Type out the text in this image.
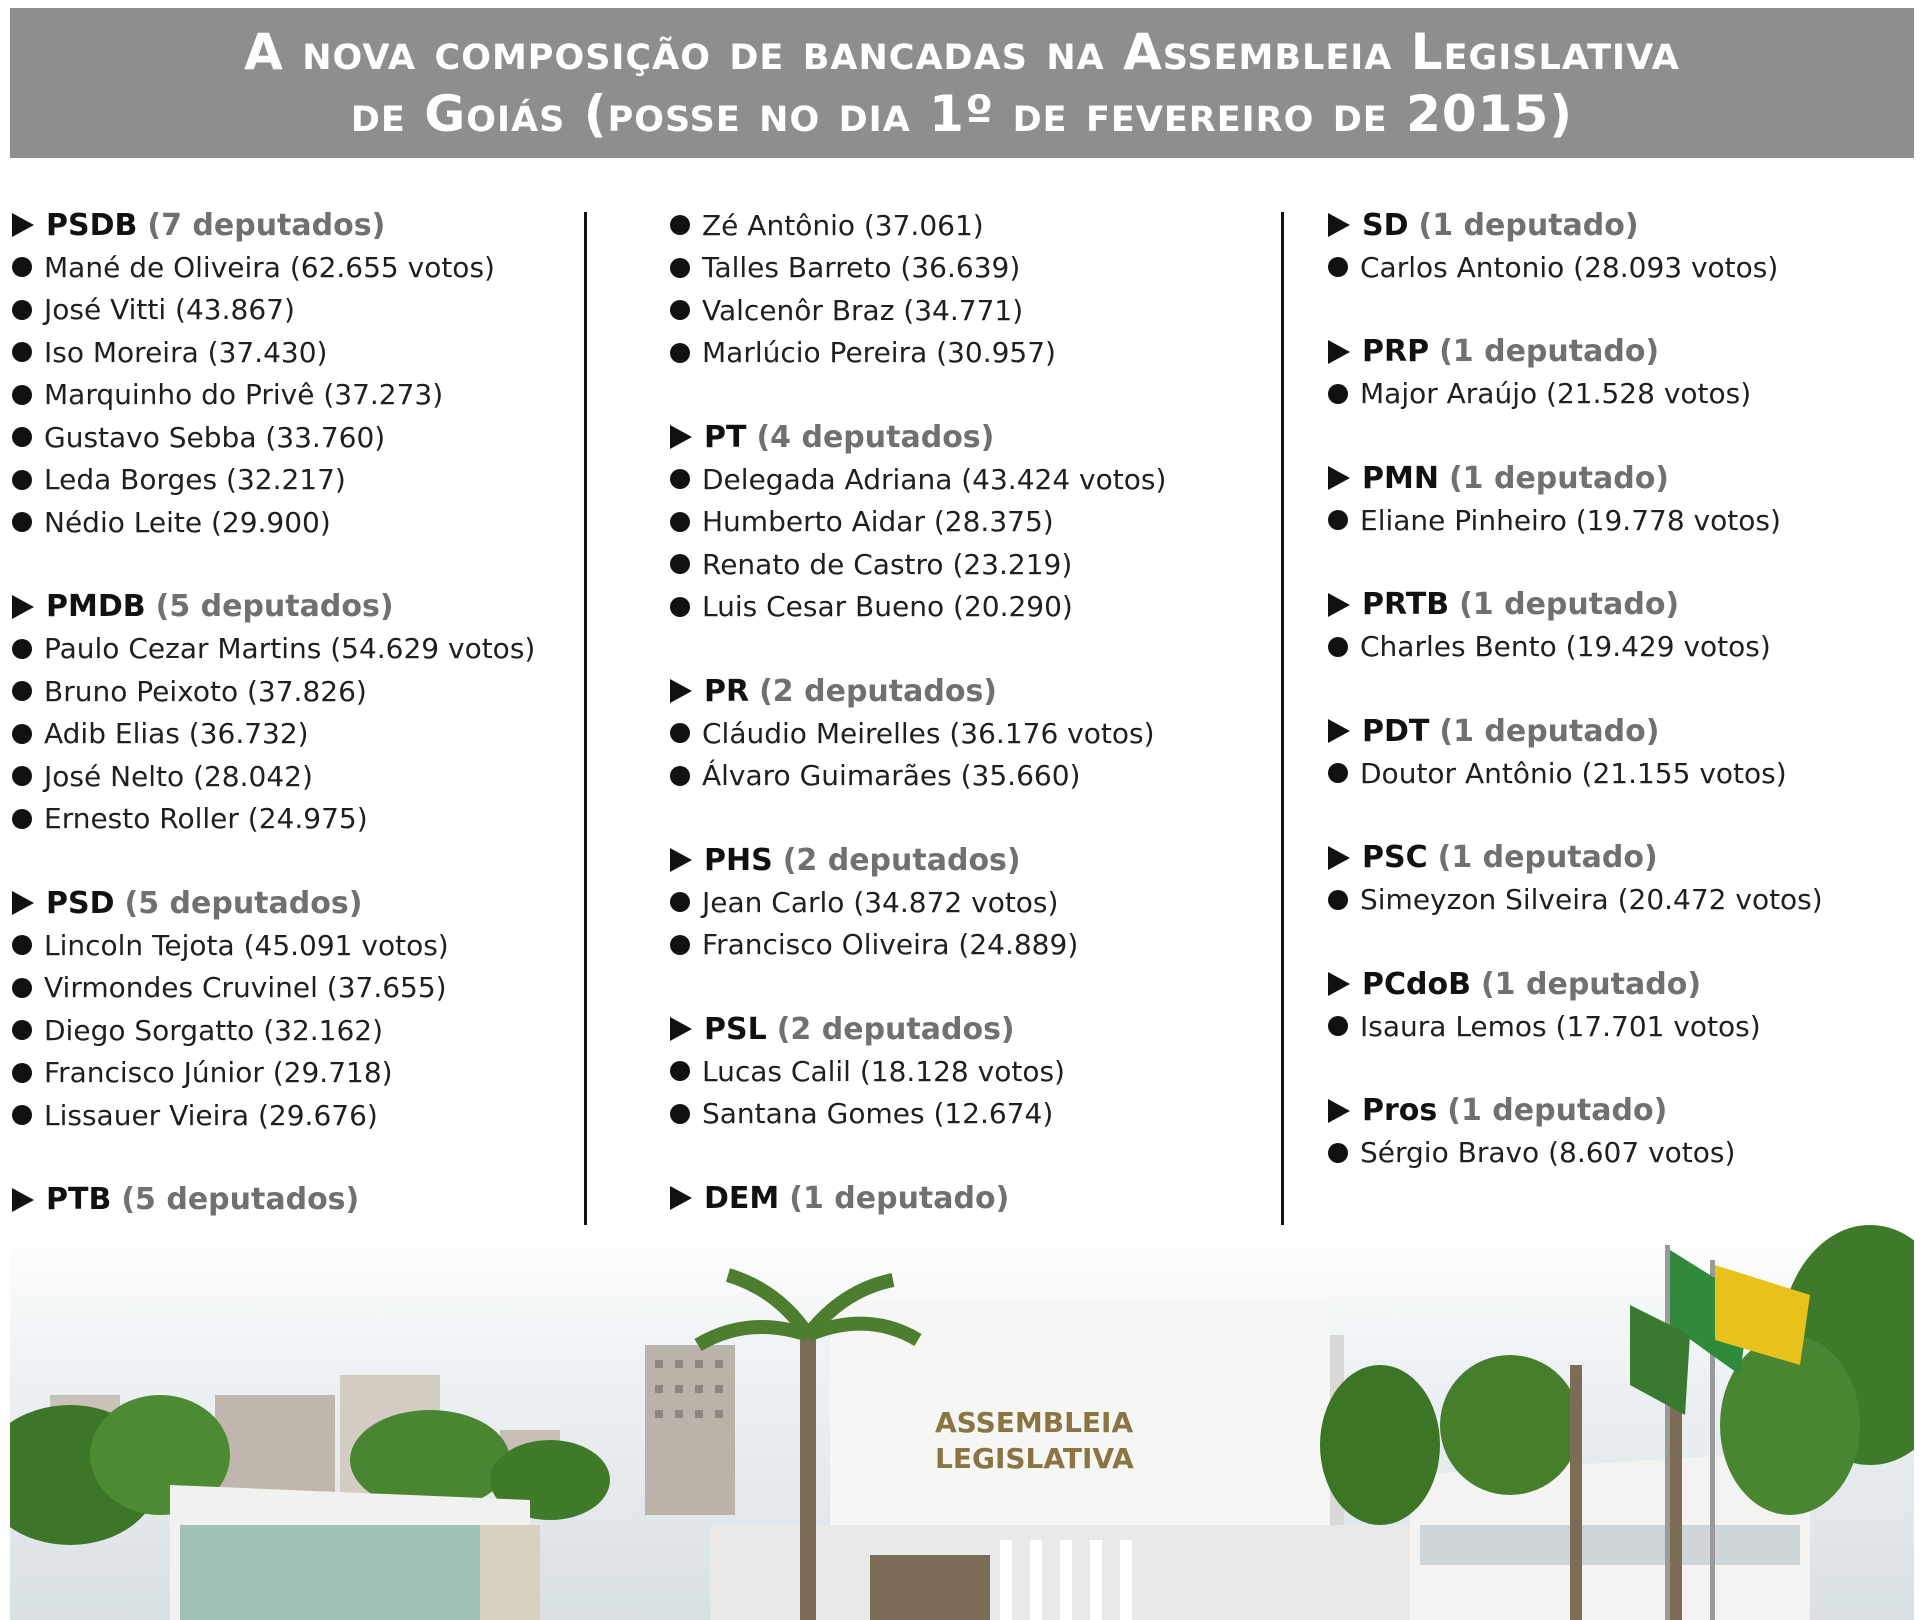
A nova composição de bancadas na Assembleia Legislativa
de Goiás (posse no dia 1º de fevereiro de 2015)
PSDB (7 deputados)
Mané de Oliveira (62.655 votos)
José Vitti (43.867)
Iso Moreira (37.430)
Marquinho do Privê (37.273)
Gustavo Sebba (33.760)
Leda Borges (32.217)
Nédio Leite (29.900)
PMDB (5 deputados)
Paulo Cezar Martins (54.629 votos)
Bruno Peixoto (37.826)
Adib Elias (36.732)
José Nelto (28.042)
Ernesto Roller (24.975)
PSD (5 deputados)
Lincoln Tejota (45.091 votos)
Virmondes Cruvinel (37.655)
Diego Sorgatto (32.162)
Francisco Júnior (29.718)
Lissauer Vieira (29.676)
PTB (5 deputados)
Zé Antônio (37.061)
Talles Barreto (36.639)
Valcenôr Braz (34.771)
Marlúcio Pereira (30.957)
PT (4 deputados)
Delegada Adriana (43.424 votos)
Humberto Aidar (28.375)
Renato de Castro (23.219)
Luis Cesar Bueno (20.290)
PR (2 deputados)
Cláudio Meirelles (36.176 votos)
Álvaro Guimarães (35.660)
PHS (2 deputados)
Jean Carlo (34.872 votos)
Francisco Oliveira (24.889)
PSL (2 deputados)
Lucas Calil (18.128 votos)
Santana Gomes (12.674)
DEM (1 deputado)
SD (1 deputado)
Carlos Antonio (28.093 votos)
PRP (1 deputado)
Major Araújo (21.528 votos)
PMN (1 deputado)
Eliane Pinheiro (19.778 votos)
PRTB (1 deputado)
Charles Bento (19.429 votos)
PDT (1 deputado)
Doutor Antônio (21.155 votos)
PSC (1 deputado)
Simeyzon Silveira (20.472 votos)
PCdoB (1 deputado)
Isaura Lemos (17.701 votos)
Pros (1 deputado)
Sérgio Bravo (8.607 votos)
ASSEMBLEIA
LEGISLATIVA
